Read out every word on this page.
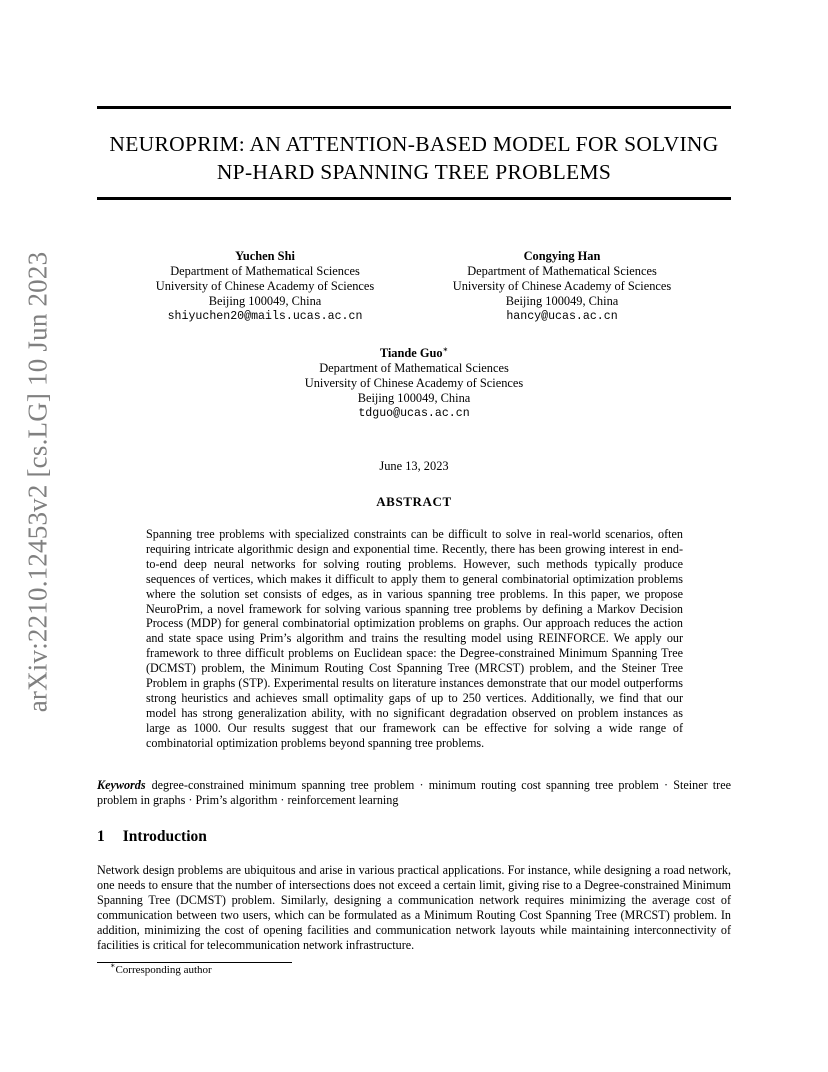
arXiv:2210.12453v2 [cs.LG] 10 Jun 2023
NEUROPRIM: AN ATTENTION-BASED MODEL FOR SOLVING
NP-HARD SPANNING TREE PROBLEMS
Yuchen Shi
Department of Mathematical Sciences
University of Chinese Academy of Sciences
Beijing 100049, China
shiyuchen20@mails.ucas.ac.cn
Congying Han
Department of Mathematical Sciences
University of Chinese Academy of Sciences
Beijing 100049, China
hancy@ucas.ac.cn
Tiande Guo∗
Department of Mathematical Sciences
University of Chinese Academy of Sciences
Beijing 100049, China
tdguo@ucas.ac.cn
June 13, 2023
ABSTRACT
Spanning tree problems with specialized constraints can be difficult to solve in real-world scenarios, often requiring intricate algorithmic design and exponential time. Recently, there has been growing interest in end-to-end deep neural networks for solving routing problems. However, such methods typically produce sequences of vertices, which makes it difficult to apply them to general combinatorial optimization problems where the solution set consists of edges, as in various spanning tree problems. In this paper, we propose NeuroPrim, a novel framework for solving various spanning tree problems by defining a Markov Decision Process (MDP) for general combinatorial optimization problems on graphs. Our approach reduces the action and state space using Prim’s algorithm and trains the resulting model using REINFORCE. We apply our framework to three difficult problems on Euclidean space: the Degree-constrained Minimum Spanning Tree (DCMST) problem, the Minimum Routing Cost Spanning Tree (MRCST) problem, and the Steiner Tree Problem in graphs (STP). Experimental results on literature instances demonstrate that our model outperforms strong heuristics and achieves small optimality gaps of up to 250 vertices. Additionally, we find that our model has strong generalization ability, with no significant degradation observed on problem instances as large as 1000. Our results suggest that our framework can be effective for solving a wide range of combinatorial optimization problems beyond spanning tree problems.
Keywords degree-constrained minimum spanning tree problem · minimum routing cost spanning tree problem · Steiner tree problem in graphs · Prim’s algorithm · reinforcement learning
1 Introduction
Network design problems are ubiquitous and arise in various practical applications. For instance, while designing a road network, one needs to ensure that the number of intersections does not exceed a certain limit, giving rise to a Degree-constrained Minimum Spanning Tree (DCMST) problem. Similarly, designing a communication network requires minimizing the average cost of communication between two users, which can be formulated as a Minimum Routing Cost Spanning Tree (MRCST) problem. In addition, minimizing the cost of opening facilities and communication network layouts while maintaining interconnectivity of facilities is critical for telecommunication network infrastructure.
∗Corresponding author
